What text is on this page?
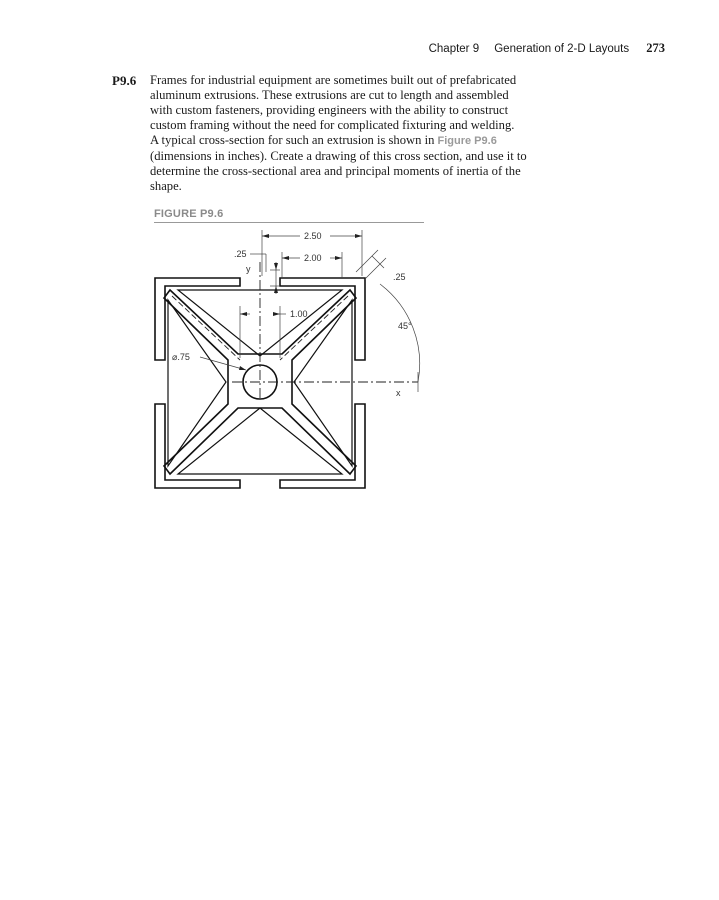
Chapter 9 Generation of 2-D Layouts 273
P9.6 Frames for industrial equipment are sometimes built out of prefabricated
aluminum extrusions. These extrusions are cut to length and assembled
with custom fasteners, providing engineers with the ability to construct
custom framing without the need for complicated fixturing and welding.
A typical cross-section for such an extrusion is shown in Figure P9.6
(dimensions in inches). Create a drawing of this cross section, and use it to
determine the cross-sectional area and principal moments of inertia of the
shape.
FIGURE P9.6
2.50
2.00
.25
1.00
.25
45°
⌀.75
y
x
